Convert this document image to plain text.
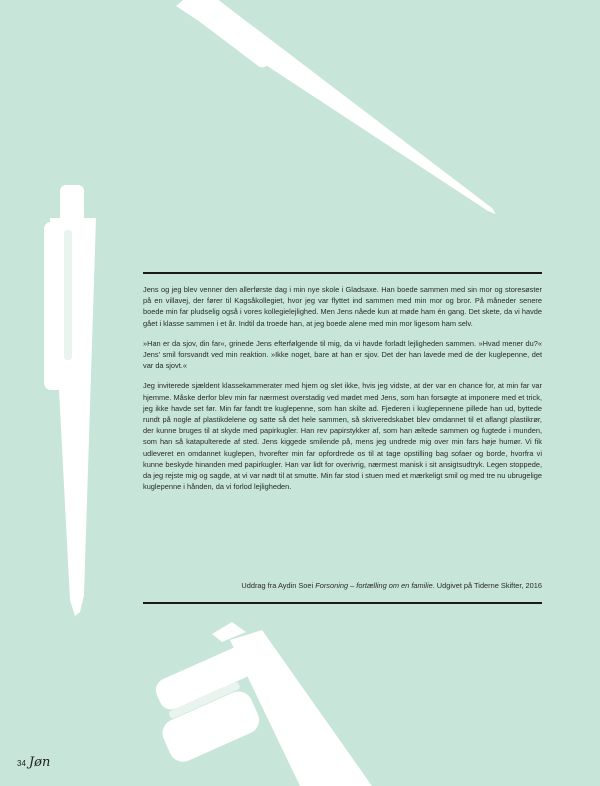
Jens og jeg blev venner den allerførste dag i min nye skole i Gladsaxe. Han boede sammen med sin mor og storesøster på en villavej, der fører til Kagsåkollegiet, hvor jeg var flyttet ind sammen med min mor og bror. På måneder senere boede min far pludselig også i vores kollegielejlighed. Men Jens nåede kun at møde ham én gang. Det skete, da vi havde gået i klasse sammen i et år. Indtil da troede han, at jeg boede alene med min mor ligesom ham selv.

»Han er da sjov, din far«, grinede Jens efterfølgende til mig, da vi havde forladt lejligheden sammen. »Hvad mener du?« Jens' smil forsvandt ved min reaktion. »Ikke noget, bare at han er sjov. Det der han lavede med de der kuglepenne, det var da sjovt.«

Jeg inviterede sjældent klassekammerater med hjem og slet ikke, hvis jeg vidste, at der var en chance for, at min far var hjemme. Måske derfor blev min far nærmest overstadig ved mødet med Jens, som han forsøgte at imponere med et trick, jeg ikke havde set før. Min far fandt tre kuglepenne, som han skilte ad. Fjederen i kuglepennene pillede han ud, byttede rundt på nogle af plastikdelene og satte så det hele sammen, så skriveredskabet blev omdannet til et aflangt plastikrør, der kunne bruges til at skyde med papirkugler. Han rev papirstykker af, som han æltede sammen og fugtede i munden, som han så katapulterede af sted. Jens kiggede smilende på, mens jeg undrede mig over min fars høje humør. Vi fik udleveret en omdannet kuglepen, hvorefter min far opfordrede os til at tage opstilling bag sofaer og borde, hvorfra vi kunne beskyde hinanden med papirkugler. Han var lidt for overivrig, nærmest manisk i sit ansigtsudtryk. Legen stoppede, da jeg rejste mig og sagde, at vi var nødt til at smutte. Min far stod i stuen med et mærkeligt smil og med tre nu ubrugelige kuglepenne i hånden, da vi forlod lejligheden.

Uddrag fra Aydin Soei Forsoning – fortælling om en familie. Udgivet på Tiderne Skifter, 2016
34 Jøn
